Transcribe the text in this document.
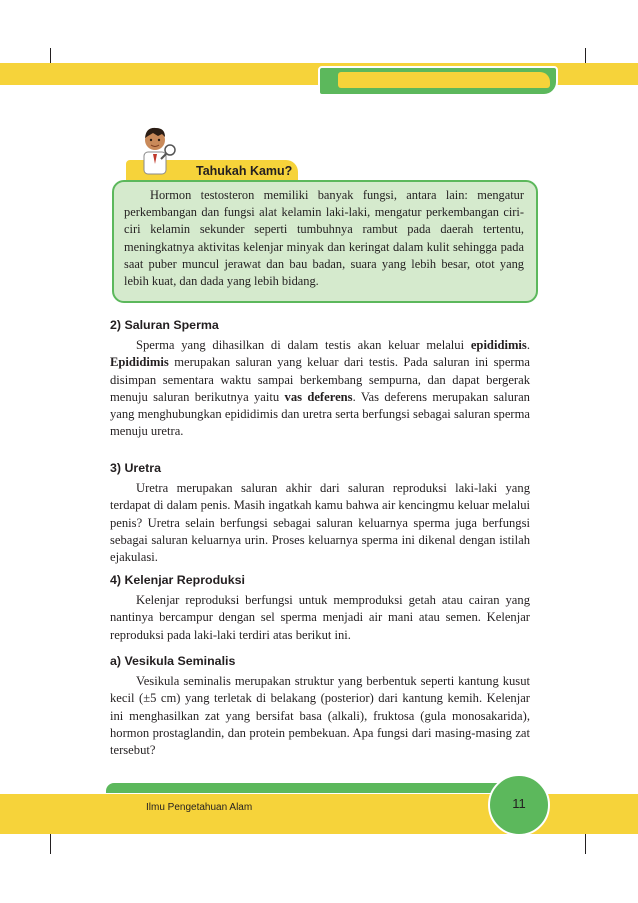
Tahukah Kamu?

Hormon testosteron memiliki banyak fungsi, antara lain: mengatur perkembangan dan fungsi alat kelamin laki-laki, mengatur perkembangan ciri-ciri kelamin sekunder seperti tumbuhnya rambut pada daerah tertentu, meningkatnya aktivitas kelenjar minyak dan keringat dalam kulit sehingga pada saat puber muncul jerawat dan bau badan, suara yang lebih besar, otot yang lebih kuat, dan dada yang lebih bidang.

2) Saluran Sperma

Sperma yang dihasilkan di dalam testis akan keluar melalui epididimis. Epididimis merupakan saluran yang keluar dari testis. Pada saluran ini sperma disimpan sementara waktu sampai berkembang sempurna, dan dapat bergerak menuju saluran berikutnya yaitu vas deferens. Vas deferens merupakan saluran yang menghubungkan epididimis dan uretra serta berfungsi sebagai saluran sperma menuju uretra.

3) Uretra

Uretra merupakan saluran akhir dari saluran reproduksi laki-laki yang terdapat di dalam penis. Masih ingatkah kamu bahwa air kencingmu keluar melalui penis? Uretra selain berfungsi sebagai saluran keluarnya sperma juga berfungsi sebagai saluran keluarnya urin. Proses keluarnya sperma ini dikenal dengan istilah ejakulasi.

4) Kelenjar Reproduksi

Kelenjar reproduksi berfungsi untuk memproduksi getah atau cairan yang nantinya bercampur dengan sel sperma menjadi air mani atau semen. Kelenjar reproduksi pada laki-laki terdiri atas berikut ini.

a) Vesikula Seminalis

Vesikula seminalis merupakan struktur yang berbentuk seperti kantung kusut kecil (±5 cm) yang terletak di belakang (posterior) dari kantung kemih. Kelenjar ini menghasilkan zat yang bersifat basa (alkali), fruktosa (gula monosakarida), hormon prostaglandin, dan protein pembekuan. Apa fungsi dari masing-masing zat tersebut?

Ilmu Pengetahuan Alam	11
